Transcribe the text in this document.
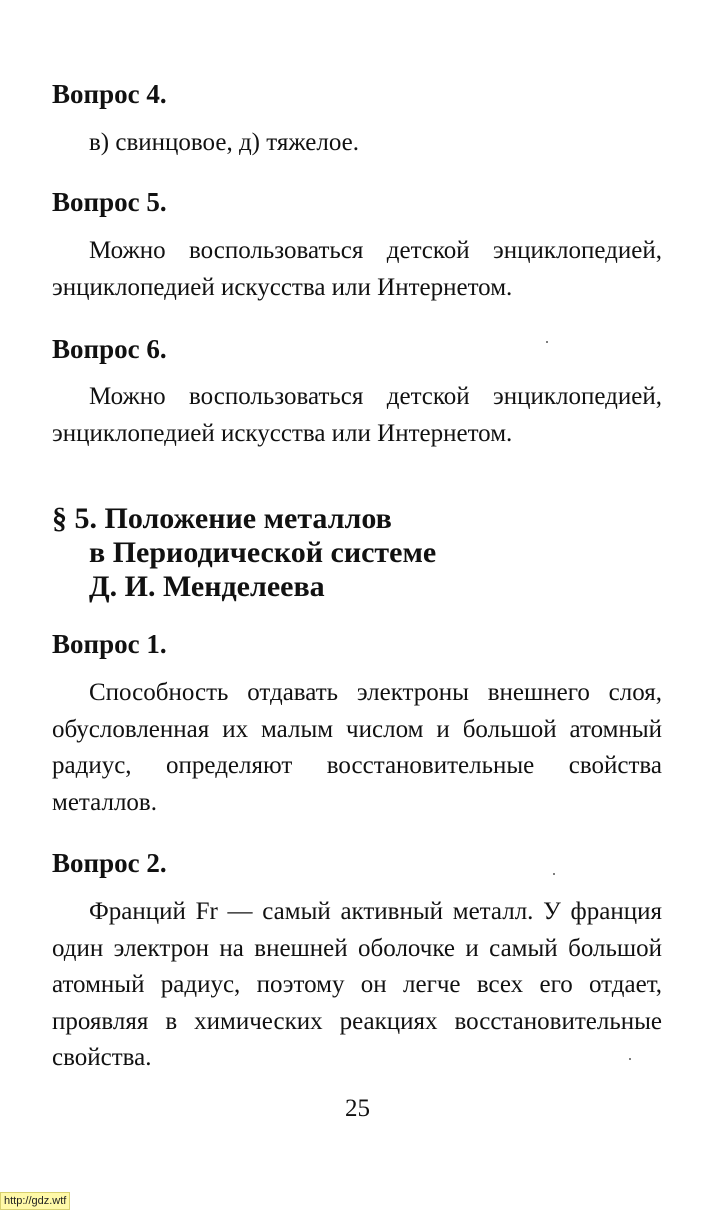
Вопрос 4.

в) свинцовое, д) тяжелое.

Вопрос 5.

Можно воспользоваться детской энциклопедией, энциклопедией искусства или Интернетом.

Вопрос 6.

Можно воспользоваться детской энциклопедией, энциклопедией искусства или Интернетом.

§ 5. Положение металлов
в Периодической системе
Д. И. Менделеева
Вопрос 1.

Способность отдавать электроны внешнего слоя, обусловленная их малым числом и большой атомный радиус, определяют восстановительные свойства металлов.

Вопрос 2.

Франций Fr — самый активный металл. У франция один электрон на внешней оболочке и самый большой атомный радиус, поэтому он легче всех его отдает, проявляя в химических реакциях восстановительные свойства.

25
http://gdz.wtf
